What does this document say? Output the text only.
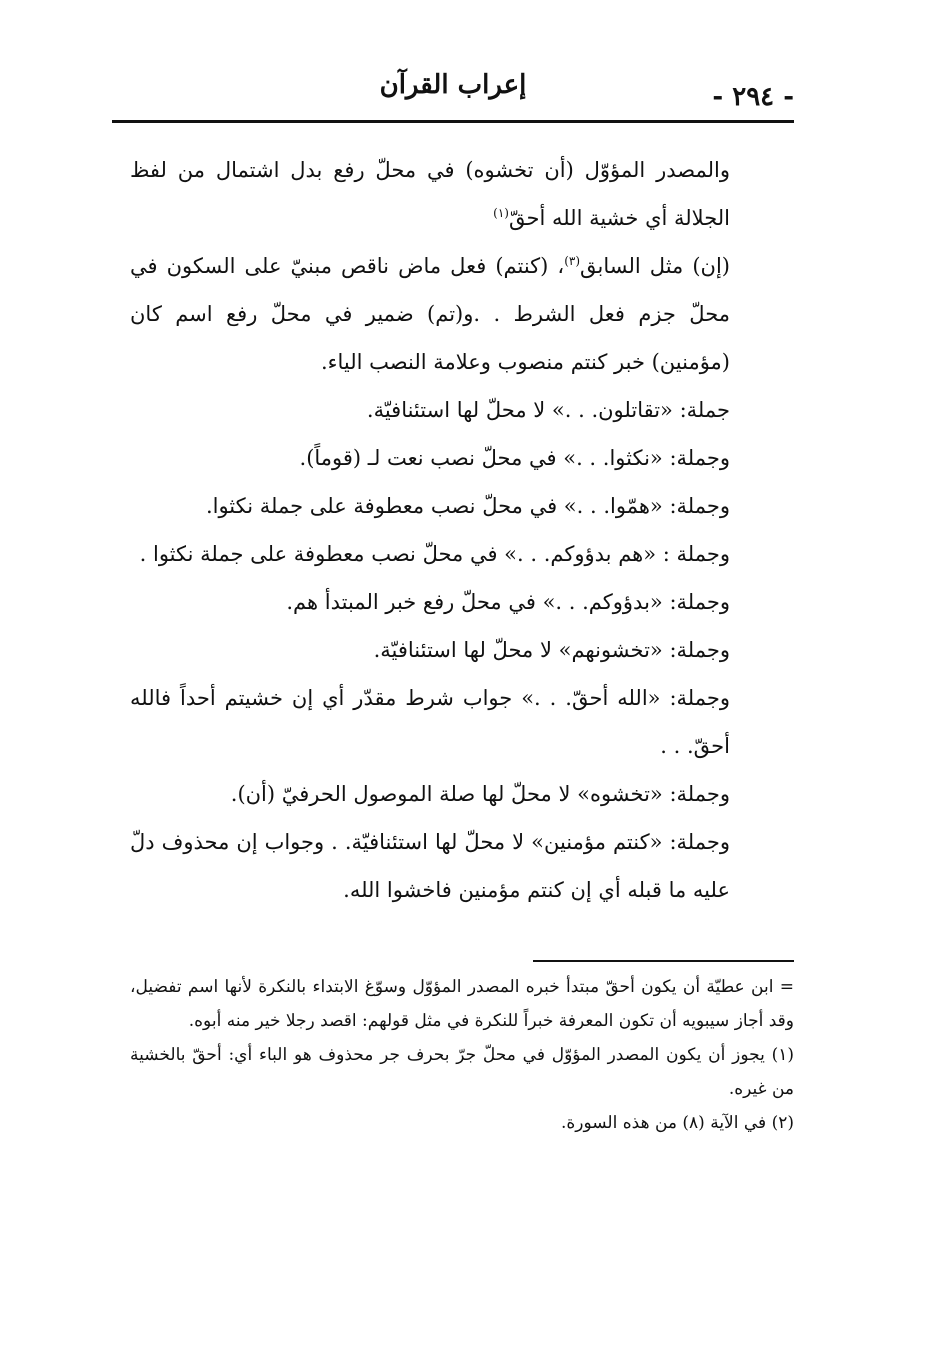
- ٢٩٤ -
إعراب القرآن

والمصدر المؤوّل (أن تخشوه) في محلّ رفع بدل اشتمال من لفظ الجلالة أي خشية الله أحقّ$^{(١)}$

(إن) مثل السابق$^{(٣)}$، (كنتم) فعل ماض ناقص مبنيّ على السكون في محلّ جزم فعل الشرط . .و(تم) ضمير في محلّ رفع اسم كان (مؤمنين) خبر كنتم منصوب وعلامة النصب الياء.

جملة: «تقاتلون. . .» لا محلّ لها استئنافيّة.

وجملة: «نكثوا. . .» في محلّ نصب نعت لـ (قوماً).

وجملة: «همّوا. . .» في محلّ نصب معطوفة على جملة نكثوا.

وجملة : «هم بدؤوكم. . .» في محلّ نصب معطوفة على جملة نكثوا .

وجملة: «بدؤوكم. . .» في محلّ رفع خبر المبتدأ هم.

وجملة: «تخشونهم» لا محلّ لها استئنافيّة.

وجملة: «الله أحقّ. . .» جواب شرط مقدّر أي إن خشيتم أحداً فالله أحقّ. . .

وجملة: «تخشوه» لا محلّ لها صلة الموصول الحرفيّ (أن).

وجملة: «كنتم مؤمنين» لا محلّ لها استئنافيّة. . وجواب إن محذوف دلّ عليه ما قبله أي إن كنتم مؤمنين فاخشوا الله.

= ابن عطيّة أن يكون أحقّ مبتدأ خبره المصدر المؤوّل وسوّغ الابتداء بالنكرة لأنها اسم تفضيل، وقد أجاز سيبويه أن تكون المعرفة خبراً للنكرة في مثل قولهم: اقصد رجلا خير منه أبوه.

(١) يجوز أن يكون المصدر المؤوّل في محلّ جرّ بحرف جر محذوف هو الباء أي: أحقّ بالخشية من غيره.

(٢) في الآية (٨) من هذه السورة.
